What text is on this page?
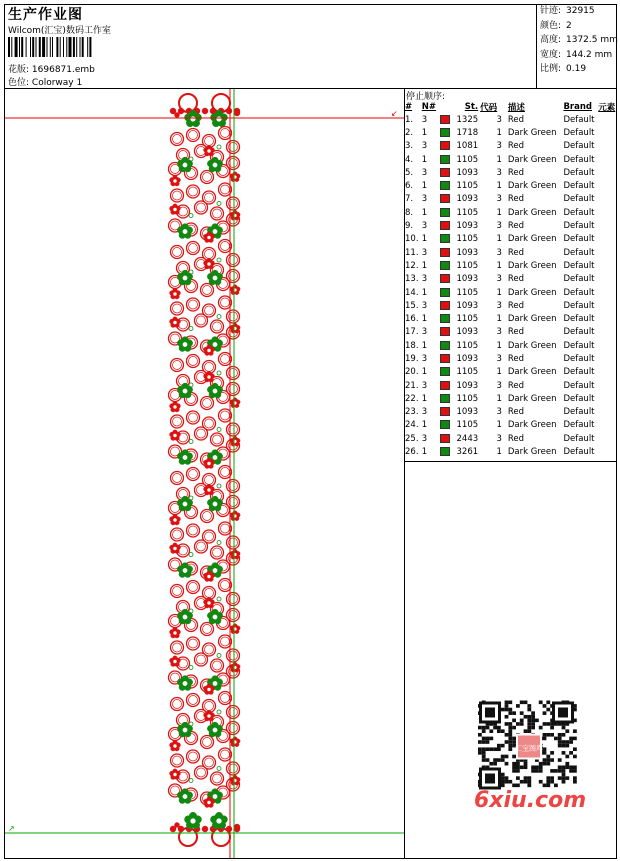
生产作业图
Wilcom(汇宝)数码工作室
花版: 1696871.emb
色位: Colorway 1
针迹: 32915
颜色: 2
高度: 1372.5 mm
宽度: 144.2 mm
比例: 0.19
↙
↗
停止顺序:
#	N#		St.	代码	描述	Brand	元素
1.	3		1325	3	Red	Default	
2.	1		1718	1	Dark Green	Default	
3.	3		1081	3	Red	Default	
4.	1		1105	1	Dark Green	Default	
5.	3		1093	3	Red	Default	
6.	1		1105	1	Dark Green	Default	
7.	3		1093	3	Red	Default	
8.	1		1105	1	Dark Green	Default	
9.	3		1093	3	Red	Default	
10.	1		1105	1	Dark Green	Default	
11.	3		1093	3	Red	Default	
12.	1		1105	1	Dark Green	Default	
13.	3		1093	3	Red	Default	
14.	1		1105	1	Dark Green	Default	
15.	3		1093	3	Red	Default	
16.	1		1105	1	Dark Green	Default	
17.	3		1093	3	Red	Default	
18.	1		1105	1	Dark Green	Default	
19.	3		1093	3	Red	Default	
20.	1		1105	1	Dark Green	Default	
21.	3		1093	3	Red	Default	
22.	1		1105	1	Dark Green	Default	
23.	3		1093	3	Red	Default	
24.	1		1105	1	Dark Green	Default	
25.	3		2443	3	Red	Default	
26.	1		3261	1	Dark Green	Default	
汇宝图库
6xiu.com
